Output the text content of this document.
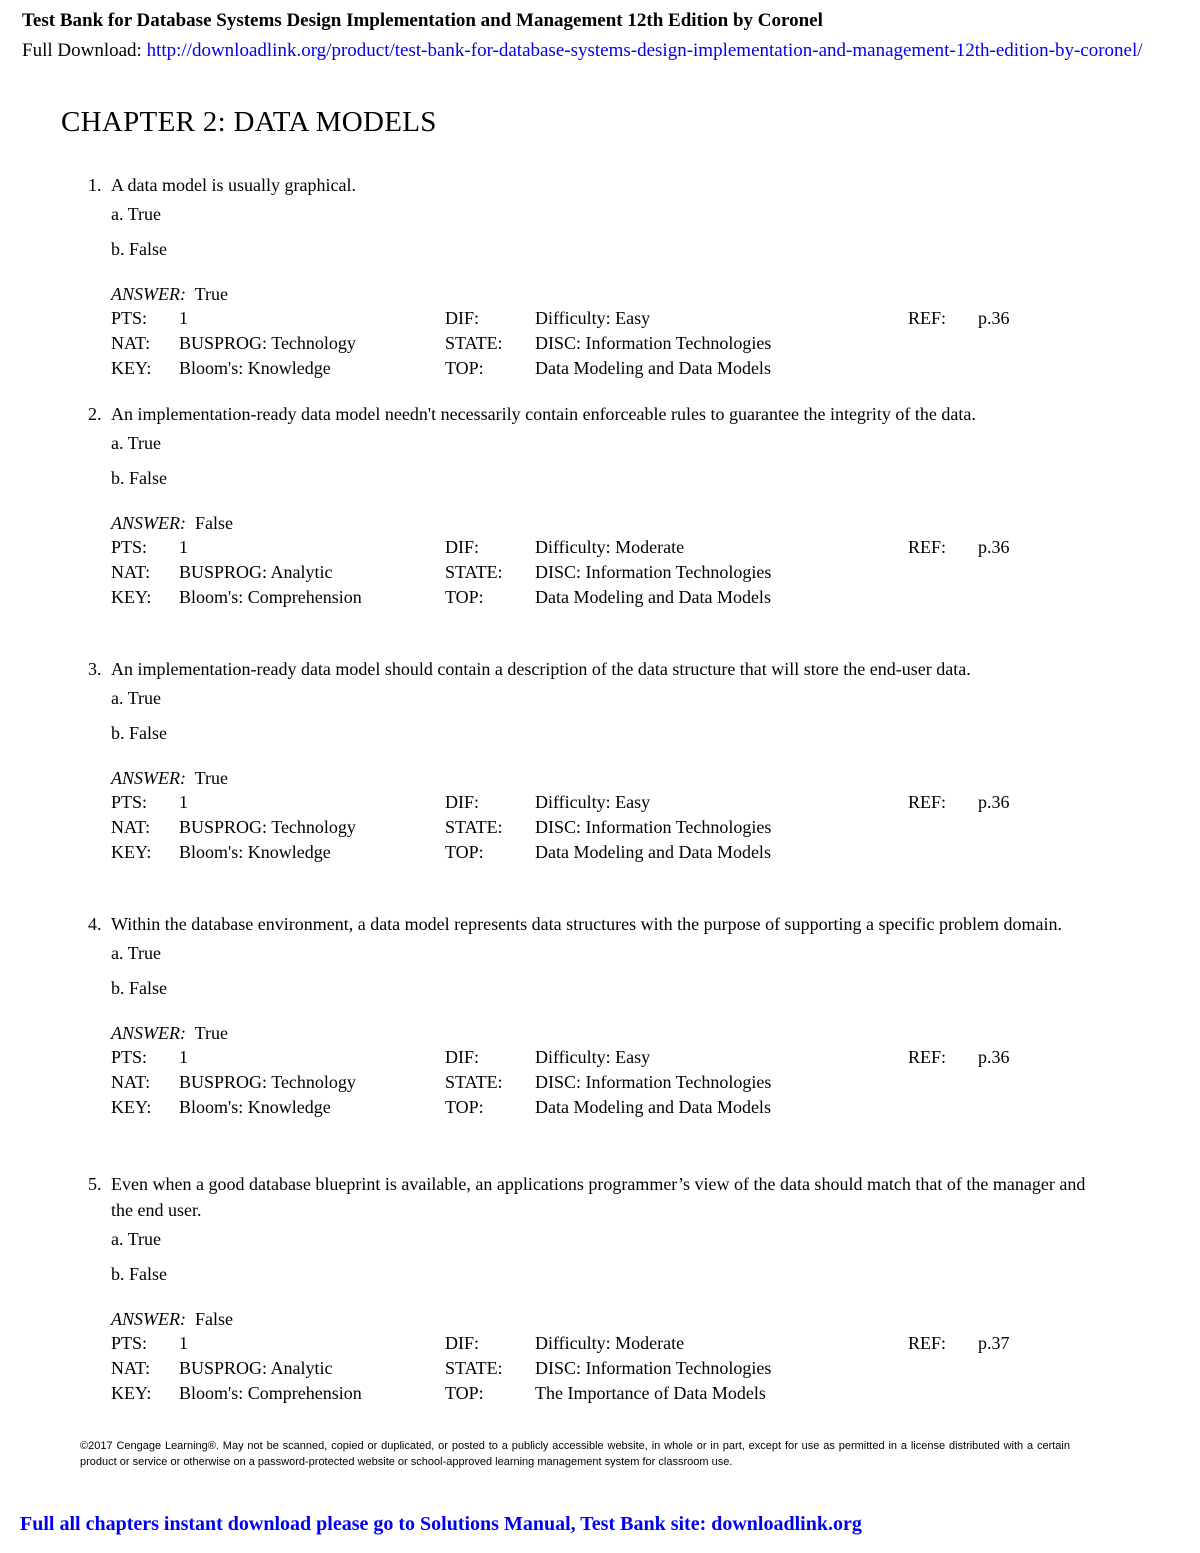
Test Bank for Database Systems Design Implementation and Management 12th Edition by Coronel
Full Download: http://downloadlink.org/product/test-bank-for-database-systems-design-implementation-and-management-12th-edition-by-coronel/
CHAPTER 2: DATA MODELS
1. A data model is usually graphical.
a. True
b. False
ANSWER: True
PTS: 1	DIF:	Difficulty: Easy	REF: p.36
NAT: BUSPROG: Technology	STATE: DISC: Information Technologies
KEY: Bloom's: Knowledge	TOP:	Data Modeling and Data Models
2. An implementation-ready data model needn't necessarily contain enforceable rules to guarantee the integrity of the data.
a. True
b. False
ANSWER: False
PTS: 1	DIF:	Difficulty: Moderate	REF: p.36
NAT: BUSPROG: Analytic	STATE: DISC: Information Technologies
KEY: Bloom's: Comprehension	TOP:	Data Modeling and Data Models
3. An implementation-ready data model should contain a description of the data structure that will store the end-user data.
a. True
b. False
ANSWER: True
PTS: 1	DIF:	Difficulty: Easy	REF: p.36
NAT: BUSPROG: Technology	STATE: DISC: Information Technologies
KEY: Bloom's: Knowledge	TOP:	Data Modeling and Data Models
4. Within the database environment, a data model represents data structures with the purpose of supporting a specific problem domain.
a. True
b. False
ANSWER: True
PTS: 1	DIF:	Difficulty: Easy	REF: p.36
NAT: BUSPROG: Technology	STATE: DISC: Information Technologies
KEY: Bloom's: Knowledge	TOP:	Data Modeling and Data Models
5. Even when a good database blueprint is available, an applications programmer’s view of the data should match that of the manager and the end user.
a. True
b. False
ANSWER: False
PTS: 1	DIF:	Difficulty: Moderate	REF: p.37
NAT: BUSPROG: Analytic	STATE: DISC: Information Technologies
KEY: Bloom's: Comprehension	TOP:	The Importance of Data Models
©2017 Cengage Learning®. May not be scanned, copied or duplicated, or posted to a publicly accessible website, in whole or in part, except for use as permitted in a license distributed with a certain product or service or otherwise on a password-protected website or school-approved learning management system for classroom use.
Full all chapters instant download please go to Solutions Manual, Test Bank site: downloadlink.org
